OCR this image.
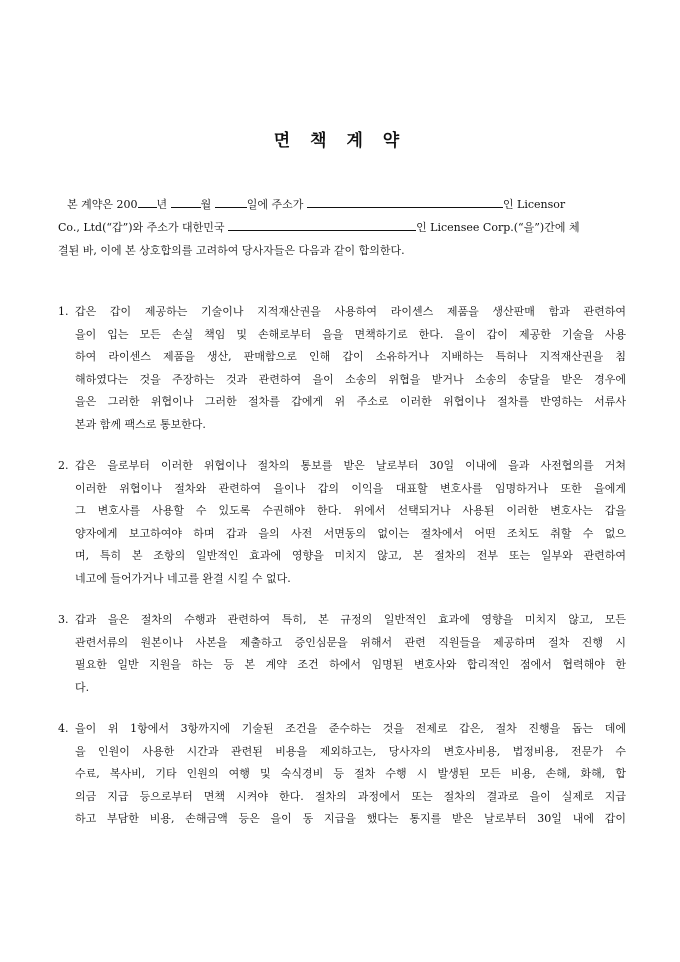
면 책 계 약
본 계약은 200 년	월	일에 주소가	인 Licensor
Co., Ltd(“갑”)와 주소가 대한민국	인 Licensee Corp.(“을”)간에 체
결된 바, 이에 본 상호합의를 고려하여 당사자들은 다음과 같이 합의한다.
1. 갑은 갑이 제공하는 기술이나 지적재산권을 사용하여 라이센스 제품을 생산판매 함과 관련하여
을이 입는 모든 손실 책임 및 손해로부터 을을 면책하기로 한다. 을이 갑이 제공한 기술을 사용
하여 라이센스 제품을 생산, 판매함으로 인해 갑이 소유하거나 지배하는 특허나 지적재산권을 침
해하였다는 것을 주장하는 것과 관련하여 을이 소송의 위협을 받거나 소송의 송달을 받은 경우에
을은 그러한 위협이나 그러한 절차를 갑에게 위 주소로 이러한 위협이나 절차를 반영하는 서류사
본과 함께 팩스로 통보한다.
2. 갑은 을로부터 이러한 위협이나 절차의 통보를 받은 날로부터 30일 이내에 을과 사전협의를 거쳐
이러한 위협이나 절차와 관련하여 을이나 갑의 이익을 대표할 변호사를 임명하거나 또한 을에게
그 변호사를 사용할 수 있도록 수권해야 한다. 위에서 선택되거나 사용된 이러한 변호사는 갑을
양자에게 보고하여야 하며 갑과 을의 사전 서면동의 없이는 절차에서 어떤 조치도 취할 수 없으
며, 특히 본 조항의 일반적인 효과에 영향을 미치지 않고, 본 절차의 전부 또는 일부와 관련하여
네고에 들어가거나 네고를 완결 시킬 수 없다.
3. 갑과 을은 절차의 수행과 관련하여 특히, 본 규정의 일반적인 효과에 영향을 미치지 않고, 모든
관련서류의 원본이나 사본을 제출하고 증인심문을 위해서 관련 직원들을 제공하며 절차 진행 시
필요한 일반 지원을 하는 등 본 계약 조건 하에서 임명된 변호사와 합리적인 점에서 협력해야 한
다.
4. 을이 위 1항에서 3항까지에 기술된 조건을 준수하는 것을 전제로 갑은, 절차 진행을 돕는 데에
을 인원이 사용한 시간과 관련된 비용을 제외하고는, 당사자의 변호사비용, 법정비용, 전문가 수
수료, 복사비, 기타 인원의 여행 및 숙식경비 등 절차 수행 시 발생된 모든 비용, 손해, 화해, 합
의금 지급 등으로부터 면책 시켜야 한다. 절차의 과정에서 또는 절차의 결과로 을이 실제로 지급
하고 부담한 비용, 손해금액 등은 을이 동 지급을 했다는 통지를 받은 날로부터 30일 내에 갑이
